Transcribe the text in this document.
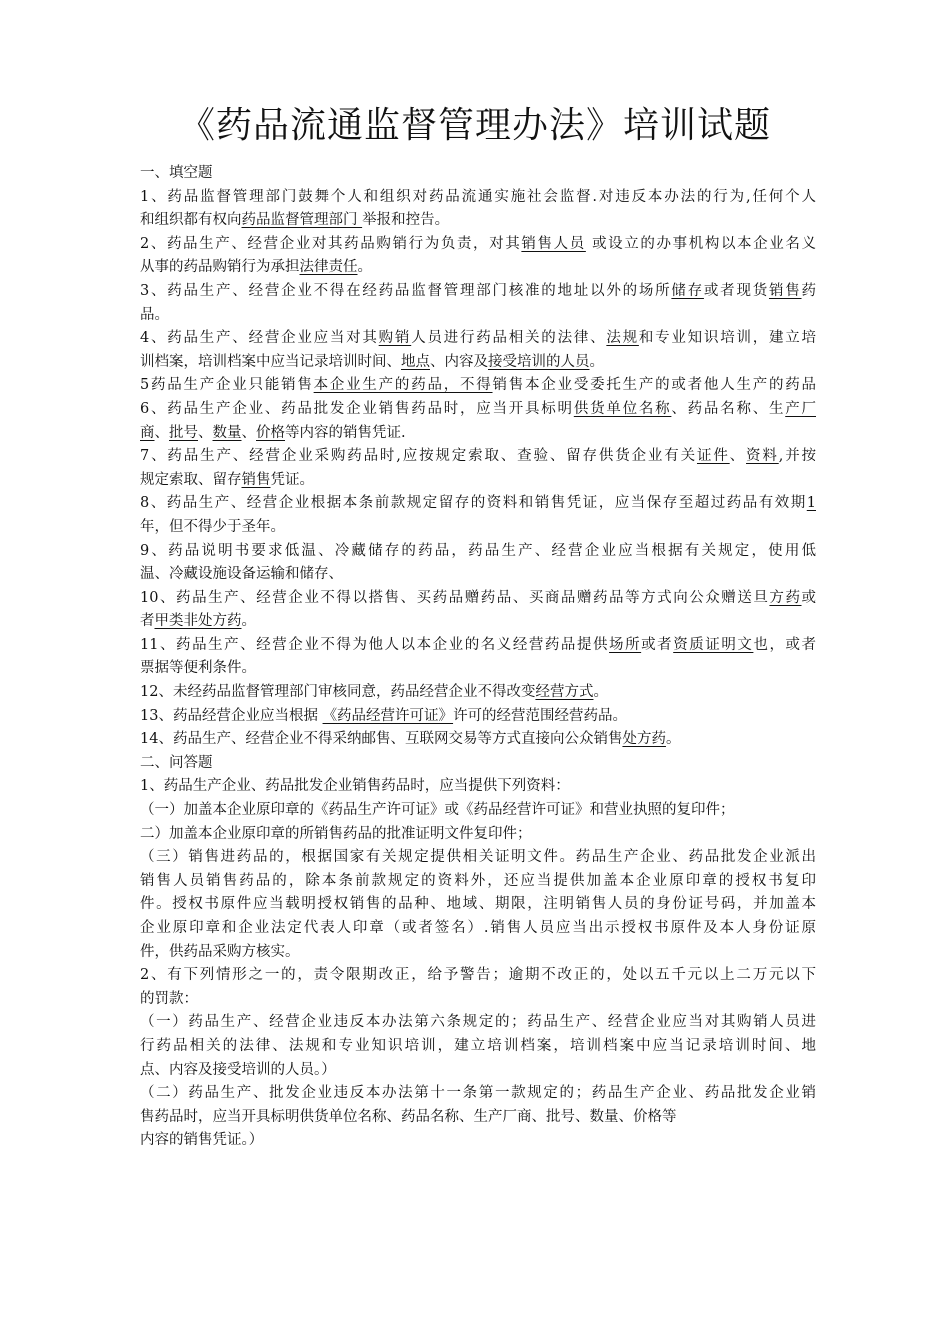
《药品流通监督管理办法》培训试题
一、填空题
1、药品监督管理部门鼓舞个人和组织对药品流通实施社会监督.对违反本办法的行为,任何个人
和组织都有权向药品监督管理部门 举报和控告。
2、药品生产、经营企业对其药品购销行为负责，对其销售人员 或设立的办事机构以本企业名义
从事的药品购销行为承担法律责任。
3、药品生产、经营企业不得在经药品监督管理部门核准的地址以外的场所储存或者现货销售药
品。
4、药品生产、经营企业应当对其购销人员进行药品相关的法律、法规和专业知识培训，建立培
训档案，培训档案中应当记录培训时间、地点、内容及接受培训的人员。
5药品生产企业只能销售本企业生产的药品，不得销售本企业受委托生产的或者他人生产的药品
6、药品生产企业、药品批发企业销售药品时，应当开具标明供货单位名称、药品名称、生产厂
商、批号、数量、价格等内容的销售凭证.
7、药品生产、经营企业采购药品时,应按规定索取、查验、留存供货企业有关证件、资料,并按
规定索取、留存销售凭证。
8、药品生产、经营企业根据本条前款规定留存的资料和销售凭证，应当保存至超过药品有效期1
年，但不得少于圣年。
9、药品说明书要求低温、冷藏储存的药品，药品生产、经营企业应当根据有关规定，使用低
温、冷藏设施设备运输和储存、
10、药品生产、经营企业不得以搭售、买药品赠药品、买商品赠药品等方式向公众赠送旦方药或
者甲类非处方药。
11、药品生产、经营企业不得为他人以本企业的名义经营药品提供场所或者资质证明文也，或者
票据等便利条件。
12、未经药品监督管理部门审核同意，药品经营企业不得改变经营方式。
13、药品经营企业应当根据 《药品经营许可证》许可的经营范围经营药品。
14、药品生产、经营企业不得采纳邮售、互联网交易等方式直接向公众销售处方药。
二、问答题
1、药品生产企业、药品批发企业销售药品时，应当提供下列资料：
（一）加盖本企业原印章的《药品生产许可证》或《药品经营许可证》和营业执照的复印件；
二）加盖本企业原印章的所销售药品的批准证明文件复印件；
（三）销售进药品的，根据国家有关规定提供相关证明文件。药品生产企业、药品批发企业派出
销售人员销售药品的，除本条前款规定的资料外，还应当提供加盖本企业原印章的授权书复印
件。授权书原件应当载明授权销售的品种、地域、期限，注明销售人员的身份证号码，并加盖本
企业原印章和企业法定代表人印章（或者签名）.销售人员应当出示授权书原件及本人身份证原
件，供药品采购方核实。
2、有下列情形之一的，责令限期改正，给予警告；逾期不改正的，处以五千元以上二万元以下
的罚款：
（一）药品生产、经营企业违反本办法第六条规定的；药品生产、经营企业应当对其购销人员进
行药品相关的法律、法规和专业知识培训，建立培训档案，培训档案中应当记录培训时间、地
点、内容及接受培训的人员。）
（二）药品生产、批发企业违反本办法第十一条第一款规定的；药品生产企业、药品批发企业销
售药品时，应当开具标明供货单位名称、药品名称、生产厂商、批号、数量、价格等
内容的销售凭证。）
